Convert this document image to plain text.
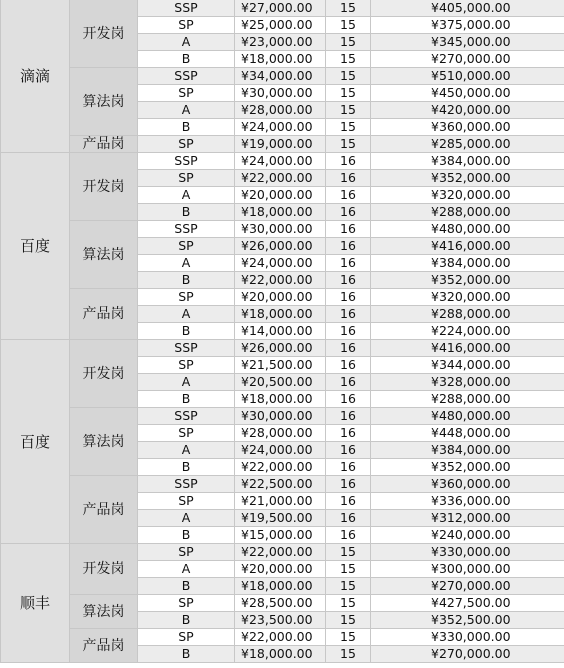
滴滴	开发岗	SSP	¥27,000.00	15	¥405,000.00
		SP	¥25,000.00	15	¥375,000.00
		A	¥23,000.00	15	¥345,000.00
		B	¥18,000.00	15	¥270,000.00
	算法岗	SSP	¥34,000.00	15	¥510,000.00
		SP	¥30,000.00	15	¥450,000.00
		A	¥28,000.00	15	¥420,000.00
		B	¥24,000.00	15	¥360,000.00
	产品岗	SP	¥19,000.00	15	¥285,000.00
百度	开发岗	SSP	¥24,000.00	16	¥384,000.00
		SP	¥22,000.00	16	¥352,000.00
		A	¥20,000.00	16	¥320,000.00
		B	¥18,000.00	16	¥288,000.00
	算法岗	SSP	¥30,000.00	16	¥480,000.00
		SP	¥26,000.00	16	¥416,000.00
		A	¥24,000.00	16	¥384,000.00
		B	¥22,000.00	16	¥352,000.00
	产品岗	SP	¥20,000.00	16	¥320,000.00
		A	¥18,000.00	16	¥288,000.00
		B	¥14,000.00	16	¥224,000.00
百度	开发岗	SSP	¥26,000.00	16	¥416,000.00
		SP	¥21,500.00	16	¥344,000.00
		A	¥20,500.00	16	¥328,000.00
		B	¥18,000.00	16	¥288,000.00
	算法岗	SSP	¥30,000.00	16	¥480,000.00
		SP	¥28,000.00	16	¥448,000.00
		A	¥24,000.00	16	¥384,000.00
		B	¥22,000.00	16	¥352,000.00
	产品岗	SSP	¥22,500.00	16	¥360,000.00
		SP	¥21,000.00	16	¥336,000.00
		A	¥19,500.00	16	¥312,000.00
		B	¥15,000.00	16	¥240,000.00
顺丰	开发岗	SP	¥22,000.00	15	¥330,000.00
		A	¥20,000.00	15	¥300,000.00
		B	¥18,000.00	15	¥270,000.00
	算法岗	SP	¥28,500.00	15	¥427,500.00
		B	¥23,500.00	15	¥352,500.00
	产品岗	SP	¥22,000.00	15	¥330,000.00
		B	¥18,000.00	15	¥270,000.00
